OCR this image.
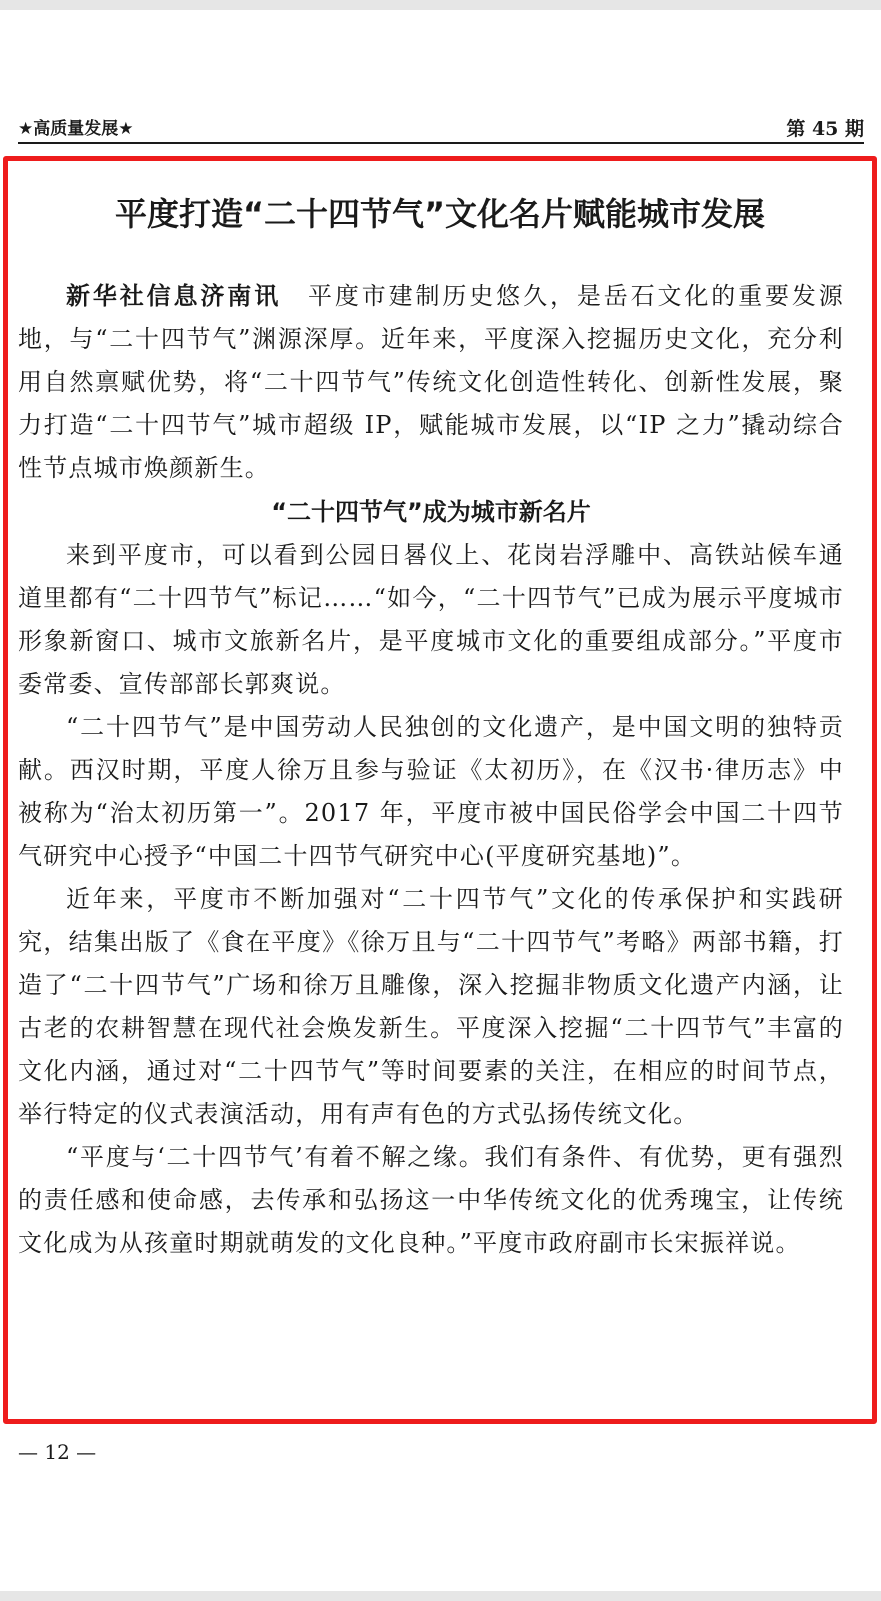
★高质量发展★	第 45 期
平度打造“二十四节气”文化名片赋能城市发展

新华社信息济南讯　 平度市建制历史悠久，是岳石文化的重要发源地，与“二十四节气”渊源深厚。近年来，平度深入挖掘历史文化，充分利用自然禀赋优势，将“二十四节气”传统文化创造性转化、创新性发展，聚力打造“二十四节气”城市超级 IP，赋能城市发展，以“IP 之力”撬动综合性节点城市焕颜新生。

“二十四节气”成为城市新名片

来到平度市，可以看到公园日晷仪上、花岗岩浮雕中、高铁站候车通道里都有“二十四节气”标记……“如今，“二十四节气”已成为展示平度城市形象新窗口、城市文旅新名片，是平度城市文化的重要组成部分。”平度市委常委、宣传部部长郭爽说。

“二十四节气”是中国劳动人民独创的文化遗产，是中国文明的独特贡献。西汉时期，平度人徐万且参与验证《太初历》，在《汉书·律历志》中被称为“治太初历第一”。2017 年，平度市被中国民俗学会中国二十四节气研究中心授予“中国二十四节气研究中心(平度研究基地)”。

近年来，平度市不断加强对“二十四节气”文化的传承保护和实践研究，结集出版了《食在平度》《徐万且与“二十四节气”考略》两部书籍，打造了“二十四节气”广场和徐万且雕像，深入挖掘非物质文化遗产内涵，让古老的农耕智慧在现代社会焕发新生。平度深入挖掘“二十四节气”丰富的文化内涵，通过对“二十四节气”等时间要素的关注，在相应的时间节点，举行特定的仪式表演活动，用有声有色的方式弘扬传统文化。

“平度与‘二十四节气’有着不解之缘。我们有条件、有优势，更有强烈的责任感和使命感，去传承和弘扬这一中华传统文化的优秀瑰宝，让传统文化成为从孩童时期就萌发的文化良种。”平度市政府副市长宋振祥说。

— 12 —
